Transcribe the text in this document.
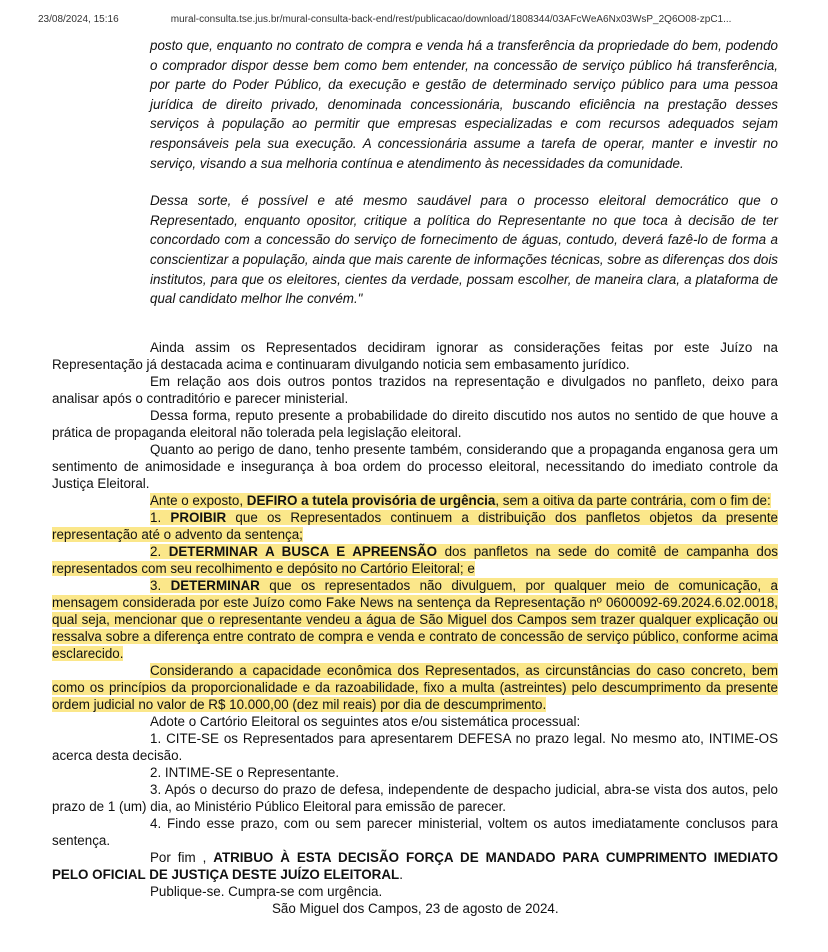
23/08/2024, 15:16	mural-consulta.tse.jus.br/mural-consulta-back-end/rest/publicacao/download/1808344/03AFcWeA6Nx03WsP_2Q6O08-zpC1...

posto que, enquanto no contrato de compra e venda há a transferência da propriedade do bem, podendo o comprador dispor desse bem como bem entender, na concessão de serviço público há transferência, por parte do Poder Público, da execução e gestão de determinado serviço público para uma pessoa jurídica de direito privado, denominada concessionária, buscando eficiência na prestação desses serviços à população ao permitir que empresas especializadas e com recursos adequados sejam responsáveis pela sua execução. A concessionária assume a tarefa de operar, manter e investir no serviço, visando a sua melhoria contínua e atendimento às necessidades da comunidade.

Dessa sorte, é possível e até mesmo saudável para o processo eleitoral democrático que o Representado, enquanto opositor, critique a política do Representante no que toca à decisão de ter concordado com a concessão do serviço de fornecimento de águas, contudo, deverá fazê-lo de forma a conscientizar a população, ainda que mais carente de informações técnicas, sobre as diferenças dos dois institutos, para que os eleitores, cientes da verdade, possam escolher, de maneira clara, a plataforma de qual candidato melhor lhe convém."

Ainda assim os Representados decidiram ignorar as considerações feitas por este Juízo na Representação já destacada acima e continuaram divulgando noticia sem embasamento jurídico.

Em relação aos dois outros pontos trazidos na representação e divulgados no panfleto, deixo para analisar após o contraditório e parecer ministerial.

Dessa forma, reputo presente a probabilidade do direito discutido nos autos no sentido de que houve a prática de propaganda eleitoral não tolerada pela legislação eleitoral.

Quanto ao perigo de dano, tenho presente também, considerando que a propaganda enganosa gera um sentimento de animosidade e insegurança à boa ordem do processo eleitoral, necessitando do imediato controle da Justiça Eleitoral.

Ante o exposto, DEFIRO a tutela provisória de urgência, sem a oitiva da parte contrária, com o fim de:

1. PROIBIR que os Representados continuem a distribuição dos panfletos objetos da presente representação até o advento da sentença;

2. DETERMINAR A BUSCA E APREENSÃO dos panfletos na sede do comitê de campanha dos representados com seu recolhimento e depósito no Cartório Eleitoral; e

3. DETERMINAR que os representados não divulguem, por qualquer meio de comunicação, a mensagem considerada por este Juízo como Fake News na sentença da Representação nº 0600092-69.2024.6.02.0018, qual seja, mencionar que o representante vendeu a água de São Miguel dos Campos sem trazer qualquer explicação ou ressalva sobre a diferença entre contrato de compra e venda e contrato de concessão de serviço público, conforme acima esclarecido.

Considerando a capacidade econômica dos Representados, as circunstâncias do caso concreto, bem como os princípios da proporcionalidade e da razoabilidade, fixo a multa (astreintes) pelo descumprimento da presente ordem judicial no valor de R$ 10.000,00 (dez mil reais) por dia de descumprimento.

Adote o Cartório Eleitoral os seguintes atos e/ou sistemática processual:

1. CITE-SE os Representados para apresentarem DEFESA no prazo legal. No mesmo ato, INTIME-OS acerca desta decisão.

2. INTIME-SE o Representante.

3. Após o decurso do prazo de defesa, independente de despacho judicial, abra-se vista dos autos, pelo prazo de 1 (um) dia, ao Ministério Público Eleitoral para emissão de parecer.

4. Findo esse prazo, com ou sem parecer ministerial, voltem os autos imediatamente conclusos para sentença.

Por fim , ATRIBUO À ESTA DECISÃO FORÇA DE MANDADO PARA CUMPRIMENTO IMEDIATO PELO OFICIAL DE JUSTIÇA DESTE JUÍZO ELEITORAL.

Publique-se. Cumpra-se com urgência.

São Miguel dos Campos, 23 de agosto de 2024.
